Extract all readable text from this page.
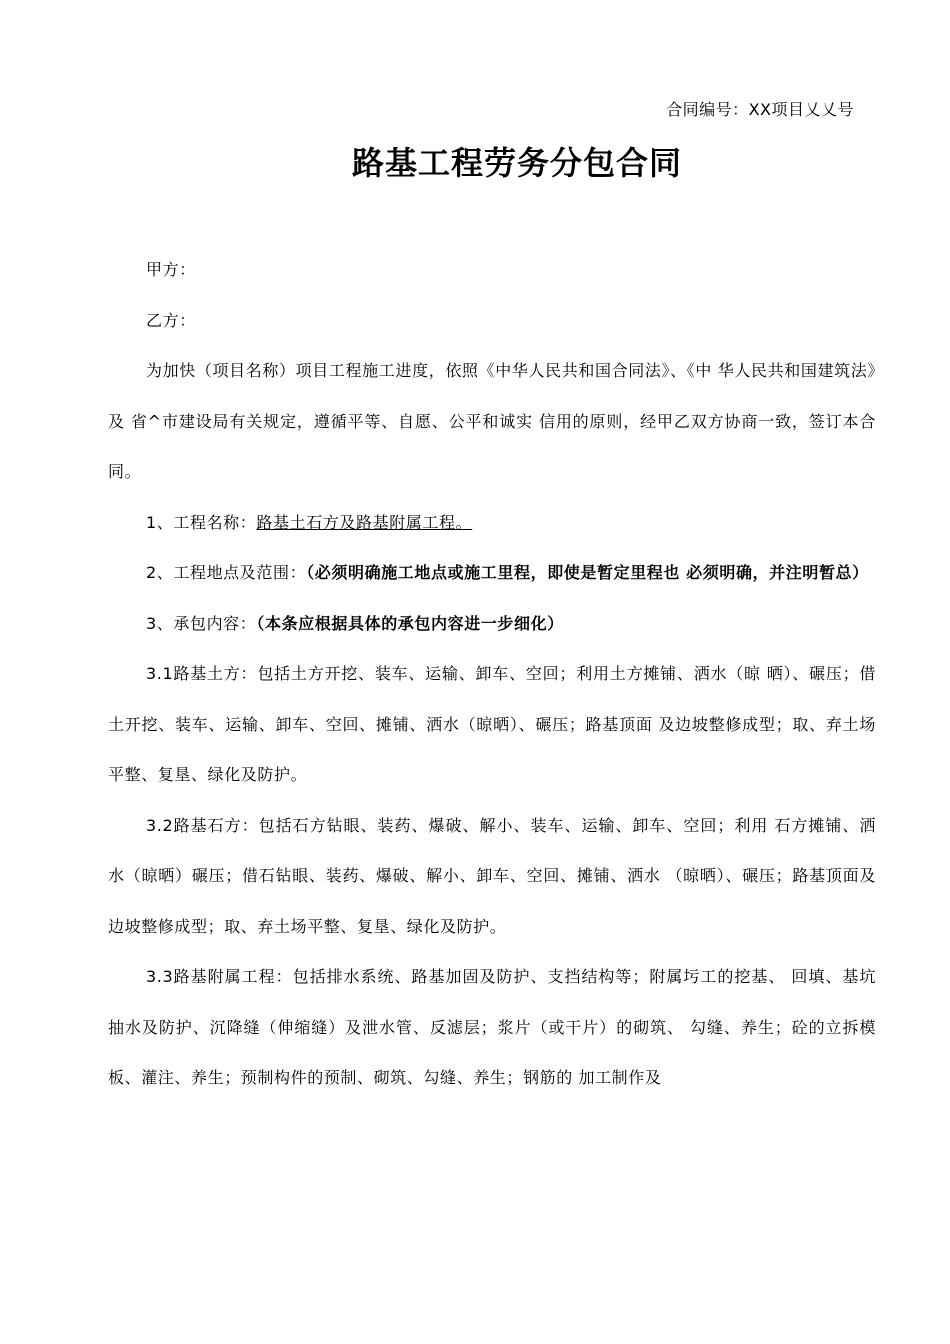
合同编号：XX项目乂乂号
路基工程劳务分包合同

甲方：

乙方：

为加快（项目名称）项目工程施工进度，依照《中华人民共和国合同法》、《中 华人民共和国建筑法》及 省^市建设局有关规定，遵循平等、自愿、公平和诚实 信用的原则，经甲乙双方协商一致，签订本合同。

1、工程名称：路基土石方及路基附属工程。

2、工程地点及范围：（必须明确施工地点或施工里程，即使是暂定里程也 必须明确，并注明暂总）

3、承包内容：（本条应根据具体的承包内容进一步细化）

3.1路基土方：包括土方开挖、装车、运输、卸车、空回；利用土方摊铺、洒水（晾 晒）、碾压；借土开挖、装车、运输、卸车、空回、摊铺、洒水（晾晒）、碾压；路基顶面 及边坡整修成型；取、弃土场平整、复垦、绿化及防护。

3.2路基石方：包括石方钻眼、装药、爆破、解小、装车、运输、卸车、空回；利用 石方摊铺、洒水（晾晒）碾压；借石钻眼、装药、爆破、解小、卸车、空回、摊铺、洒水 （晾晒）、碾压；路基顶面及边坡整修成型；取、弃土场平整、复垦、绿化及防护。

3.3路基附属工程：包括排水系统、路基加固及防护、支挡结构等；附属圬工的挖基、 回填、基坑抽水及防护、沉降缝（伸缩缝）及泄水管、反滤层；浆片（或干片）的砌筑、 勾缝、养生；砼的立拆模板、灌注、养生；预制构件的预制、砌筑、勾缝、养生；钢筋的 加工制作及
